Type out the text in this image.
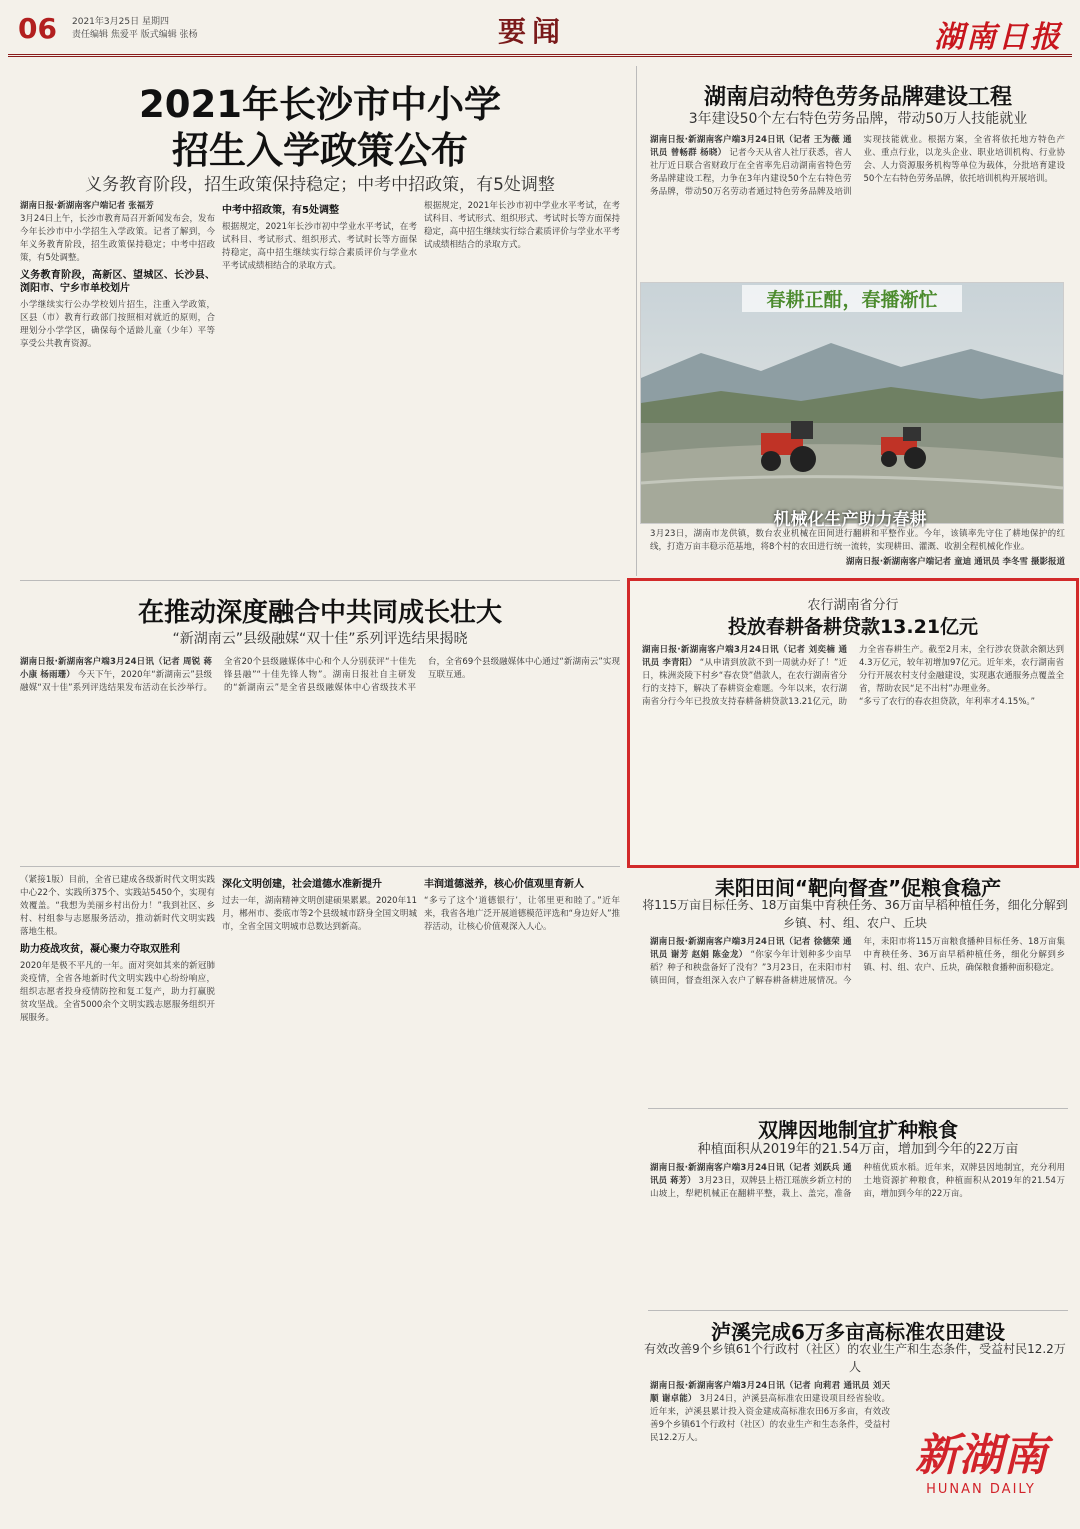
06 2021年3月25日 星期四
责任编辑 焦爱平 版式编辑 张杨	要闻	湖南日报
2021年长沙市中小学
招生入学政策公布
义务教育阶段，招生政策保持稳定；中考中招政策，有5处调整
湖南日报·新湖南客户端记者 张福芳
3月24日上午，长沙市教育局召开新闻发布会，发布今年长沙市中小学招生入学政策。记者了解到，今年义务教育阶段，招生政策保持稳定；中考中招政策，有5处调整。
义务教育阶段，高新区、望城区、长沙县、浏阳市、宁乡市单校划片
小学继续实行公办学校划片招生，注重入学政策，区县（市）教育行政部门按照相对就近的原则，合理划分小学学区，确保每个适龄儿童（少年）平等享受公共教育资源。
中考中招政策，有5处调整
根据规定，2021年长沙市初中学业水平考试，在考试科目、考试形式、组织形式、考试时长等方面保持稳定，高中招生继续实行综合素质评价与学业水平考试成绩相结合的录取方式。
根据规定，2021年长沙市初中学业水平考试，在考试科目、考试形式、组织形式、考试时长等方面保持稳定，高中招生继续实行综合素质评价与学业水平考试成绩相结合的录取方式。
湖南启动特色劳务品牌建设工程
3年建设50个左右特色劳务品牌，带动50万人技能就业
湖南日报·新湖南客户端3月24日讯（记者 王为薇 通讯员 曾畅群 杨晓） 记者今天从省人社厅获悉，省人社厅近日联合省财政厅在全省率先启动湖南省特色劳务品牌建设工程，力争在3年内建设50个左右特色劳务品牌，带动50万名劳动者通过特色劳务品牌及培训实现技能就业。根据方案，全省将依托地方特色产业、重点行业，以龙头企业、职业培训机构、行业协会、人力资源服务机构等单位为载体，分批培育建设50个左右特色劳务品牌，依托培训机构开展培训。
春耕正酣，春播渐忙
机械化生产助力春耕
3月23日，湖南市龙供镇，数台农业机械在田间进行翻耕和平整作业。今年，该镇率先守住了耕地保护的红线，打造万亩丰稳示范基地，将8个村的农田进行统一流转，实现耕田、灌溉、收割全程机械化作业。
湖南日报·新湖南客户端记者 童迪 通讯员 李冬雪 摄影报道
在推动深度融合中共同成长壮大
“新湖南云”县级融媒“双十佳”系列评选结果揭晓
湖南日报·新湖南客户端3月24日讯（记者 周锐 蒋小康 杨雨珊） 今天下午，2020年“新湖南云”县级融媒“双十佳”系列评选结果发布活动在长沙举行。全省20个县级融媒体中心和个人分别获评“十佳先锋县融”“十佳先锋人物”。湖南日报社自主研发的“新湖南云”是全省县级融媒体中心省级技术平台，全省69个县级融媒体中心通过“新湖南云”实现互联互通。
农行湖南省分行
投放春耕备耕贷款13.21亿元
湖南日报·新湖南客户端3月24日讯（记者 刘奕楠 通讯员 李青阳） “从申请到放款不到一周就办好了！”近日，株洲炎陵下村乡“春农贷”借款人，在农行湖南省分行的支持下，解决了春耕资金难题。今年以来，农行湖南省分行今年已投放支持春耕备耕贷款13.21亿元，助力全省春耕生产。截至2月末，全行涉农贷款余额达到4.3万亿元，较年初增加97亿元。近年来，农行湖南省分行开展农村支付金融建设，实现惠农通服务点覆盖全省，帮助农民“足不出村”办理业务。
“多亏了农行的春农担贷款，年利率才4.15%。”
（紧接1版）目前，全省已建成各级新时代文明实践中心22个、实践所375个、实践站5450个，实现有效覆盖。“我想为美丽乡村出份力！”我到社区、乡村、村组参与志愿服务活动，推动新时代文明实践落地生根。
助力疫战攻贫，凝心聚力夺取双胜利
2020年是极不平凡的一年。面对突如其来的新冠肺炎疫情，全省各地新时代文明实践中心纷纷响应，组织志愿者投身疫情防控和复工复产，助力打赢脱贫攻坚战。全省5000余个文明实践志愿服务组织开展服务。
深化文明创建，社会道德水准新提升
过去一年，湖南精神文明创建硕果累累。2020年11月，郴州市、娄底市等2个县级城市跻身全国文明城市，全省全国文明城市总数达到新高。
丰润道德滋养，核心价值观里育新人
“多亏了这个‘道德银行’，让邻里更和睦了。”近年来，我省各地广泛开展道德模范评选和“身边好人”推荐活动，让核心价值观深入人心。
耒阳田间“靶向督查”促粮食稳产
将115万亩目标任务、18万亩集中育秧任务、36万亩早稻种植任务，细化分解到乡镇、村、组、农户、丘块
湖南日报·新湖南客户端3月24日讯（记者 徐德荣 通讯员 谢芳 赵娟 陈金龙） “你家今年计划种多少亩早稻？种子和秧盘备好了没有？”3月23日，在耒阳市村镇田间，督查组深入农户了解春耕备耕进展情况。今年，耒阳市将115万亩粮食播种目标任务、18万亩集中育秧任务、36万亩早稻种植任务，细化分解到乡镇、村、组、农户、丘块，确保粮食播种面积稳定。
双牌因地制宜扩种粮食
种植面积从2019年的21.54万亩，增加到今年的22万亩
湖南日报·新湖南客户端3月24日讯（记者 刘跃兵 通讯员 蒋芳） 3月23日，双牌县上梧江瑶族乡新立村的山坡上，犁耙机械正在翻耕平整，栽上、盖完，准备种植优质水稻。近年来，双牌县因地制宜，充分利用土地资源扩种粮食，种植面积从2019年的21.54万亩，增加到今年的22万亩。
泸溪完成6万多亩高标准农田建设
有效改善9个乡镇61个行政村（社区）的农业生产和生态条件，受益村民12.2万人
湖南日报·新湖南客户端3月24日讯（记者 向莉君 通讯员 刘天顺 谢卓能） 3月24日，泸溪县高标准农田建设项目经省验收。近年来，泸溪县累计投入资金建成高标准农田6万多亩，有效改善9个乡镇61个行政村（社区）的农业生产和生态条件，受益村民12.2万人。	新湖南
HUNAN DAILY
